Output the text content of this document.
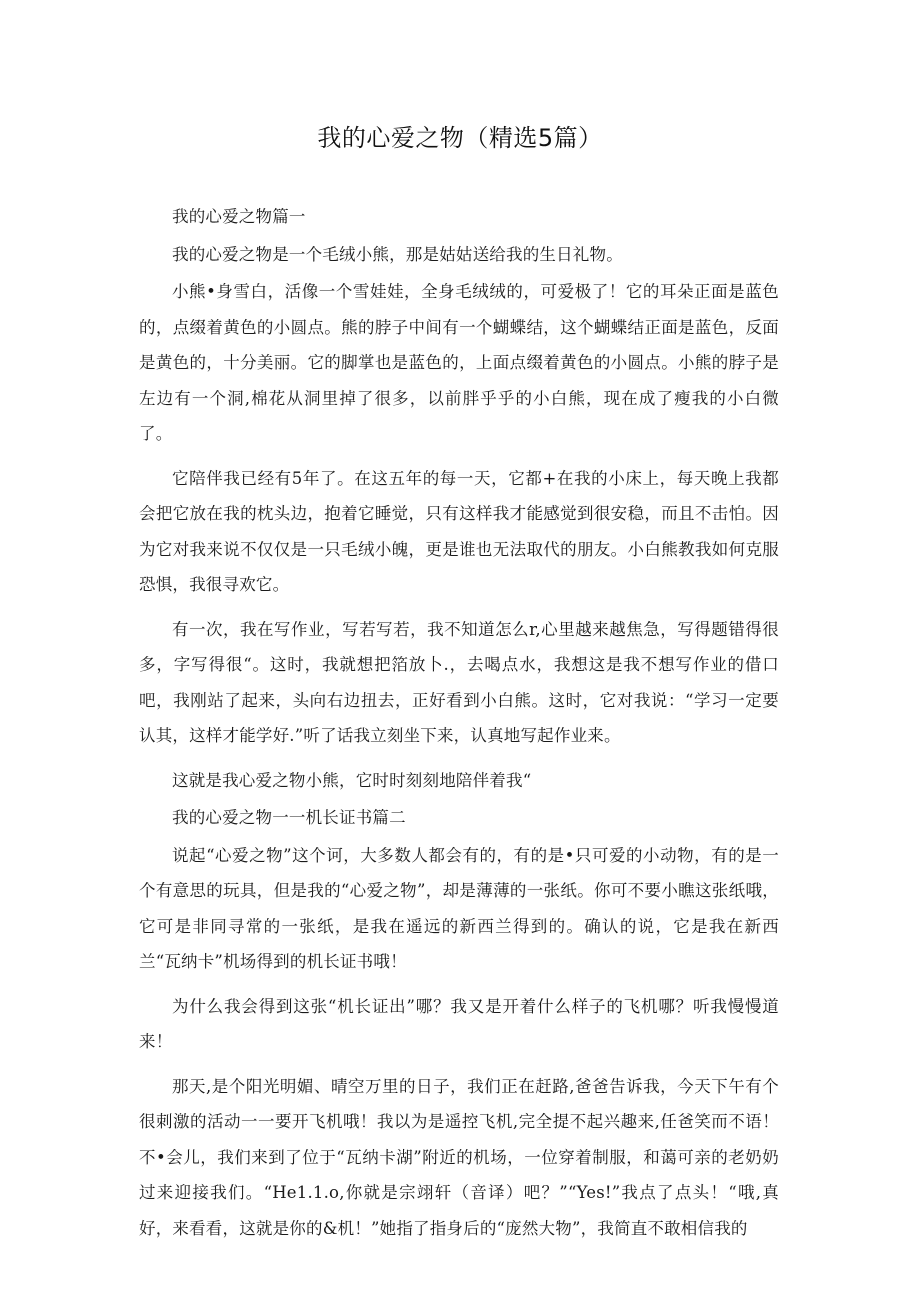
我的心爱之物（精选5篇）

我的心爱之物篇一

我的心爱之物是一个毛绒小熊，那是姑姑送给我的生日礼物。

小熊•身雪白，活像一个雪娃娃，全身毛绒绒的，可爱极了！它的耳朵正面是蓝色的，点缀着黄色的小圆点。熊的脖子中间有一个蝴蝶结，这个蝴蝶结正面是蓝色，反面是黄色的，十分美丽。它的脚掌也是蓝色的，上面点缀着黄色的小圆点。小熊的脖子是左边有一个洞,棉花从洞里掉了很多，以前胖乎乎的小白熊，现在成了瘦我的小白微了。

它陪伴我已经有5年了。在这五年的每一天，它都+在我的小床上，每天晚上我都会把它放在我的枕头边，抱着它睡觉，只有这样我才能感觉到很安稳，而且不击怕。因为它对我来说不仅仅是一只毛绒小魄，更是谁也无法取代的朋友。小白熊教我如何克服恐惧，我很寻欢它。

有一次，我在写作业，写若写若，我不知道怎么r,心里越来越焦急，写得题错得很多，字写得很“。这时，我就想把箔放卜.，去喝点水，我想这是我不想写作业的借口吧，我刚站了起来，头向右边扭去，正好看到小白熊。这时，它对我说：“学习一定要认其，这样才能学好.”听了话我立刻坐下来，认真地写起作业来。

这就是我心爱之物小熊，它时时刻刻地陪伴着我“

我的心爱之物一一机长证书篇二

说起“心爱之物”这个诃，大多数人都会有的，有的是•只可爱的小动物，有的是一个有意思的玩具，但是我的“心爱之物”，却是薄薄的一张纸。你可不要小瞧这张纸哦，它可是非同寻常的一张纸，是我在遥远的新西兰得到的。确认的说，它是我在新西兰“瓦纳卡”机场得到的机长证书哦！

为什么我会得到这张“机长证出”哪？我又是开着什么样子的飞机哪？听我慢慢道来！

那天,是个阳光明媚、晴空万里的日子，我们正在赶路,爸爸告诉我，今天下午有个很刺激的活动一一要开飞机哦！我以为是遥控飞机,完全提不起兴趣来,任爸笑而不语！不•会儿，我们来到了位于“瓦纳卡湖”附近的机场，一位穿着制服，和蔼可亲的老奶奶过来迎接我们。“He1.1.o,你就是宗翊轩（音译）吧？”“Yes!”我点了点头！“哦,真好，来看看，这就是你的&机！”她指了指身后的“庞然大物”，我简直不敢相信我的
